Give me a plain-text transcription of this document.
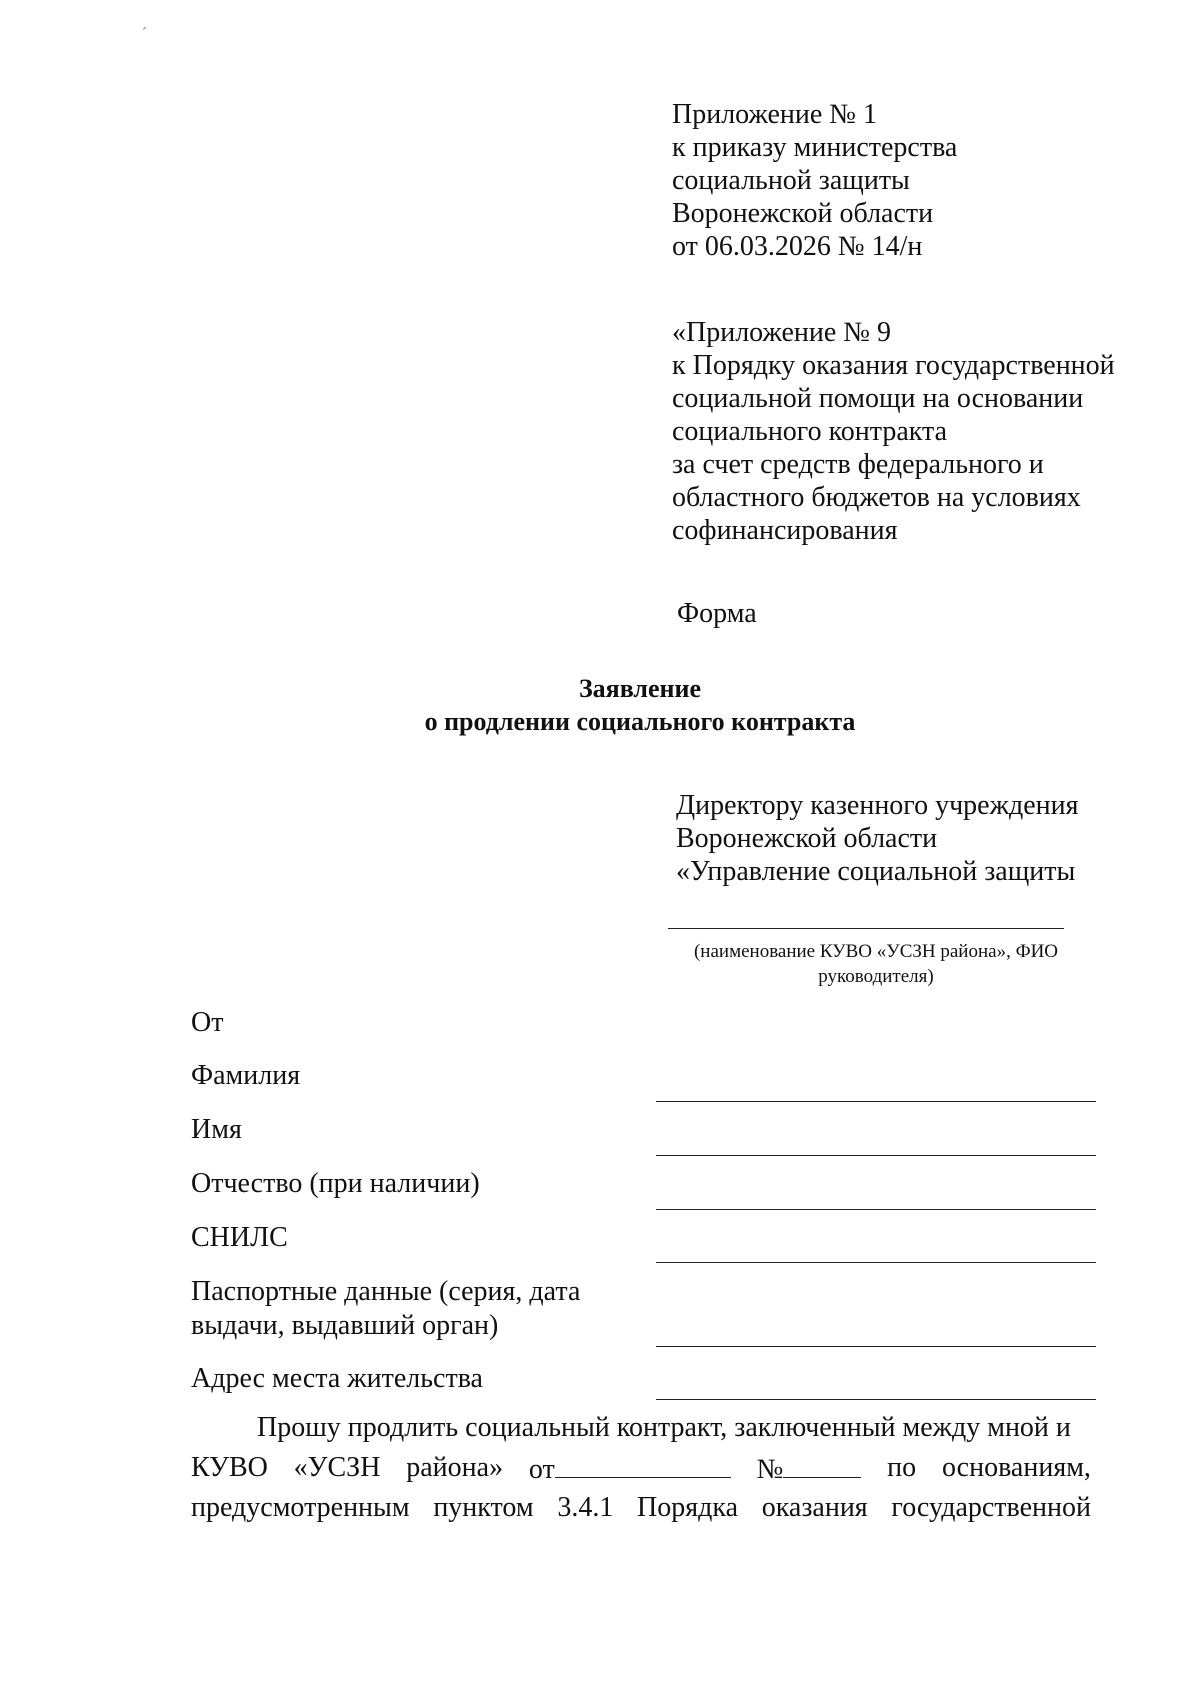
´
Приложение № 1
к приказу министерства
социальной защиты
Воронежской области
от 06.03.2026 № 14/н
«Приложение № 9
к Порядку оказания государственной
социальной помощи на основании
социального контракта
за счет средств федерального и
областного бюджетов на условиях
софинансирования
Форма
Заявление
о продлении социального контракта
Директору казенного учреждения
Воронежской области
«Управление социальной защиты
(наименование КУВО «УСЗН района», ФИО
руководителя)
От
Фамилия
Имя
Отчество (при наличии)
СНИЛС
Паспортные данные (серия, дата
выдачи, выдавший орган)
Адрес места жительства
Прошу продлить социальный контракт, заключенный между мной и
КУВО «УСЗН района» от	№	по основаниям,
предусмотренным пунктом 3.4.1 Порядка оказания государственной
